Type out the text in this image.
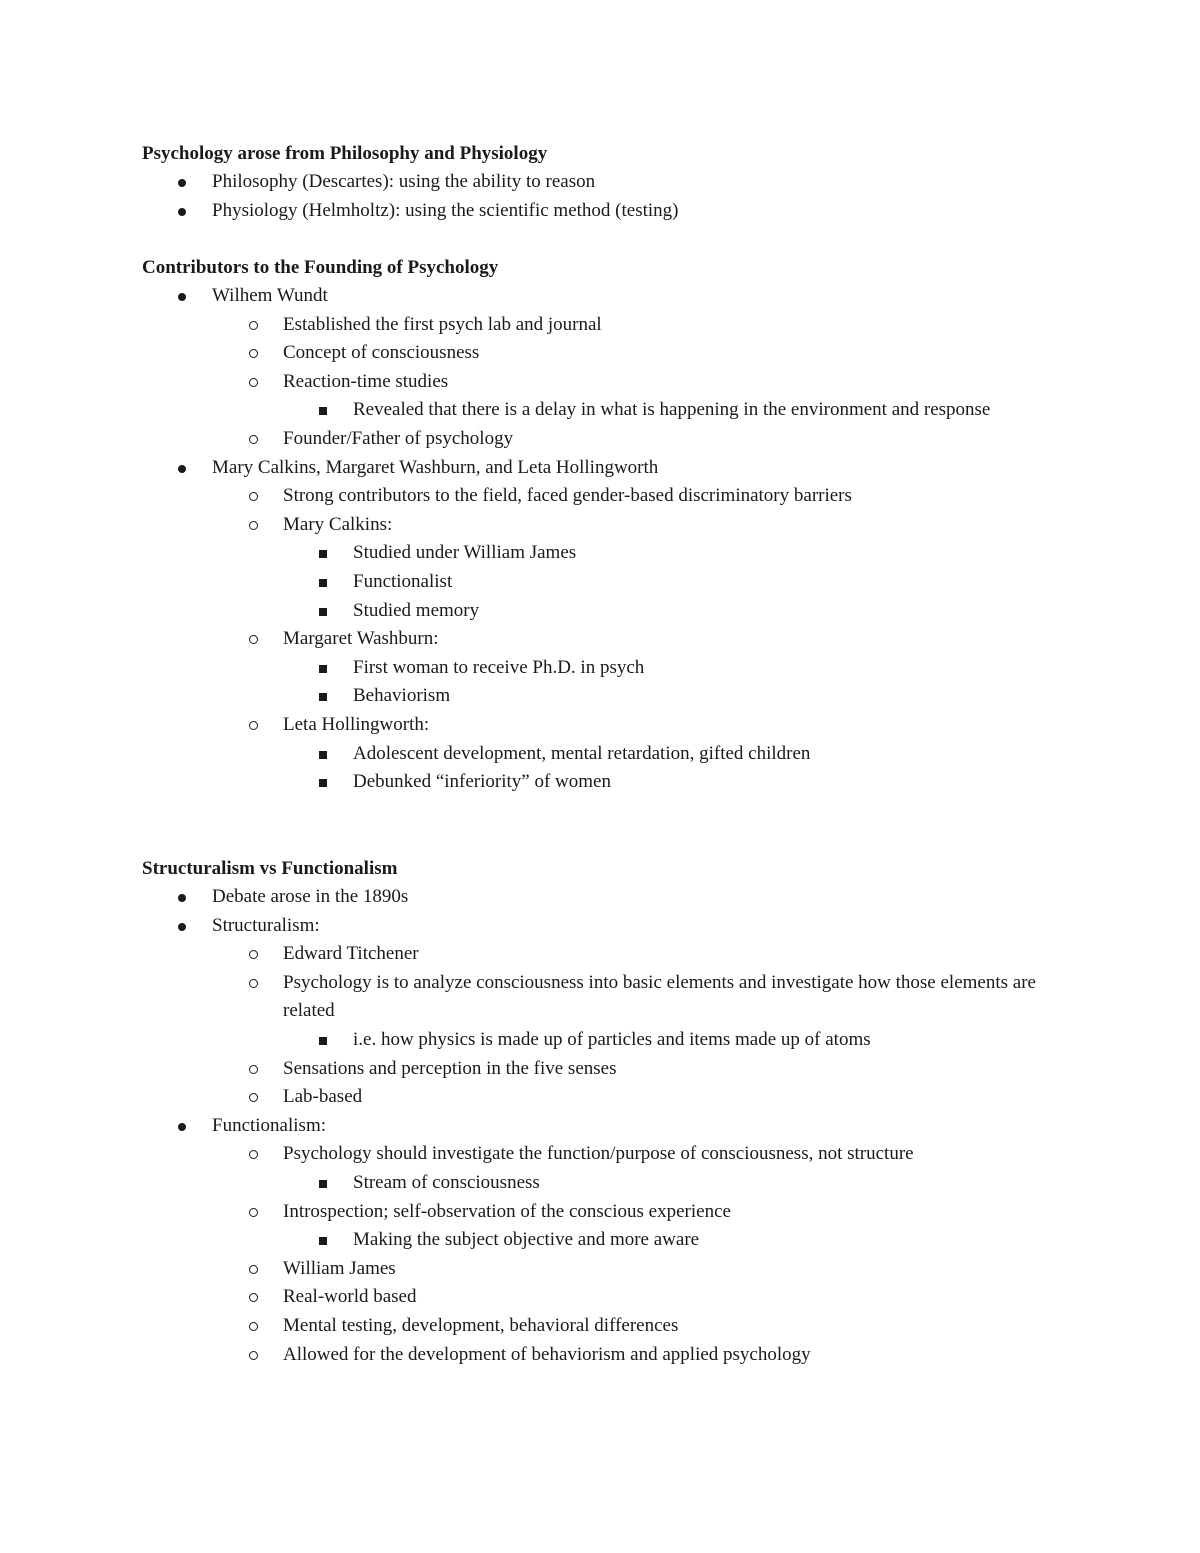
Psychology arose from Philosophy and Physiology
Philosophy (Descartes): using the ability to reason
Physiology (Helmholtz): using the scientific method (testing)
Contributors to the Founding of Psychology
Wilhem Wundt
Established the first psych lab and journal
Concept of consciousness
Reaction-time studies
Revealed that there is a delay in what is happening in the environment and response
Founder/Father of psychology
Mary Calkins, Margaret Washburn, and Leta Hollingworth
Strong contributors to the field, faced gender-based discriminatory barriers
Mary Calkins:
Studied under William James
Functionalist
Studied memory
Margaret Washburn:
First woman to receive Ph.D. in psych
Behaviorism
Leta Hollingworth:
Adolescent development, mental retardation, gifted children
Debunked “inferiority” of women
Structuralism vs Functionalism
Debate arose in the 1890s
Structuralism:
Edward Titchener
Psychology is to analyze consciousness into basic elements and investigate how those elements are related
i.e. how physics is made up of particles and items made up of atoms
Sensations and perception in the five senses
Lab-based
Functionalism:
Psychology should investigate the function/purpose of consciousness, not structure
Stream of consciousness
Introspection; self-observation of the conscious experience
Making the subject objective and more aware
William James
Real-world based
Mental testing, development, behavioral differences
Allowed for the development of behaviorism and applied psychology
